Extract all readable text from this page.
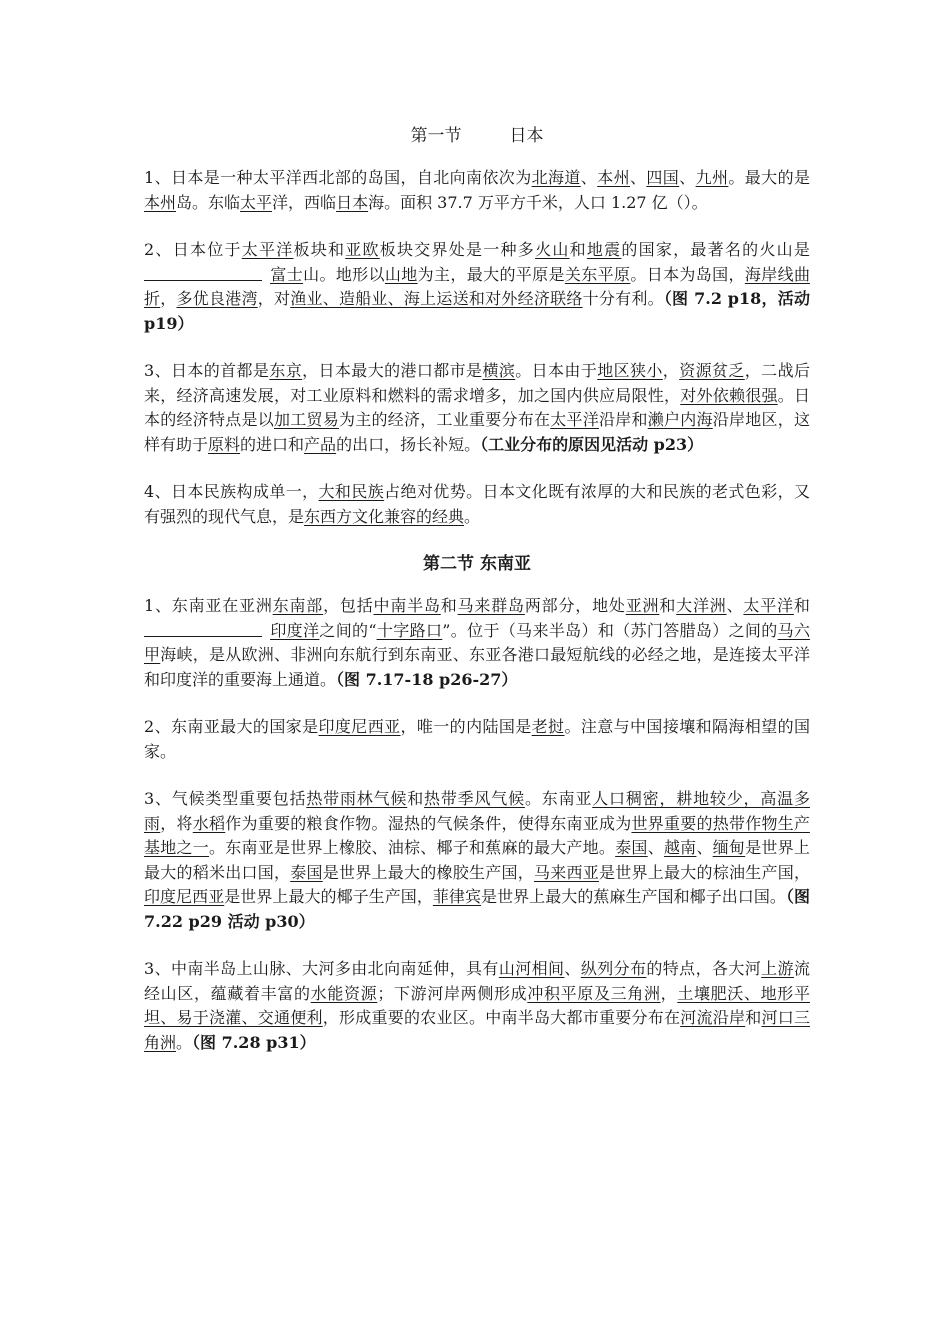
第一节	日本

1、日本是一种太平洋西北部的岛国，自北向南依次为北海道、本州、四国、九州。最大的是本州岛。东临太平洋，西临日本海。面积 37.7 万平方千米，人口 1.27 亿（）。

2、日本位于太平洋板块和亚欧板块交界处是一种多火山和地震的国家，最著名的火山是富士山。地形以山地为主，最大的平原是关东平原。日本为岛国，海岸线曲折，多优良港湾，对渔业、造船业、海上运送和对外经济联络十分有利。（图 7.2 p18，活动 p19）

3、日本的首都是东京，日本最大的港口都市是横滨。日本由于地区狭小，资源贫乏，二战后来，经济高速发展，对工业原料和燃料的需求增多，加之国内供应局限性，对外依赖很强。日本的经济特点是以加工贸易为主的经济，工业重要分布在太平洋沿岸和濑户内海沿岸地区，这样有助于原料的进口和产品的出口，扬长补短。（工业分布的原因见活动 p23）

4、日本民族构成单一，大和民族占绝对优势。日本文化既有浓厚的大和民族的老式色彩，又有强烈的现代气息，是东西方文化兼容的经典。

第二节 东南亚

1、东南亚在亚洲东南部，包括中南半岛和马来群岛两部分，地处亚洲和大洋洲、太平洋和印度洋之间的“十字路口”。位于（马来半岛）和（苏门答腊岛）之间的马六甲海峡，是从欧洲、非洲向东航行到东南亚、东亚各港口最短航线的必经之地，是连接太平洋和印度洋的重要海上通道。（图 7.17-18 p26-27）

2、东南亚最大的国家是印度尼西亚，唯一的内陆国是老挝。注意与中国接壤和隔海相望的国家。

3、气候类型重要包括热带雨林气候和热带季风气候。东南亚人口稠密，耕地较少，高温多雨，将水稻作为重要的粮食作物。湿热的气候条件，使得东南亚成为世界重要的热带作物生产基地之一。东南亚是世界上橡胶、油棕、椰子和蕉麻的最大产地。泰国、越南、缅甸是世界上最大的稻米出口国，泰国是世界上最大的橡胶生产国，马来西亚是世界上最大的棕油生产国，印度尼西亚是世界上最大的椰子生产国，菲律宾是世界上最大的蕉麻生产国和椰子出口国。（图 7.22 p29 活动 p30）

3、中南半岛上山脉、大河多由北向南延伸，具有山河相间、纵列分布的特点，各大河上游流经山区，蕴藏着丰富的水能资源；下游河岸两侧形成冲积平原及三角洲，土壤肥沃、地形平坦、易于浇灌、交通便利，形成重要的农业区。中南半岛大都市重要分布在河流沿岸和河口三角洲。（图 7.28 p31）
